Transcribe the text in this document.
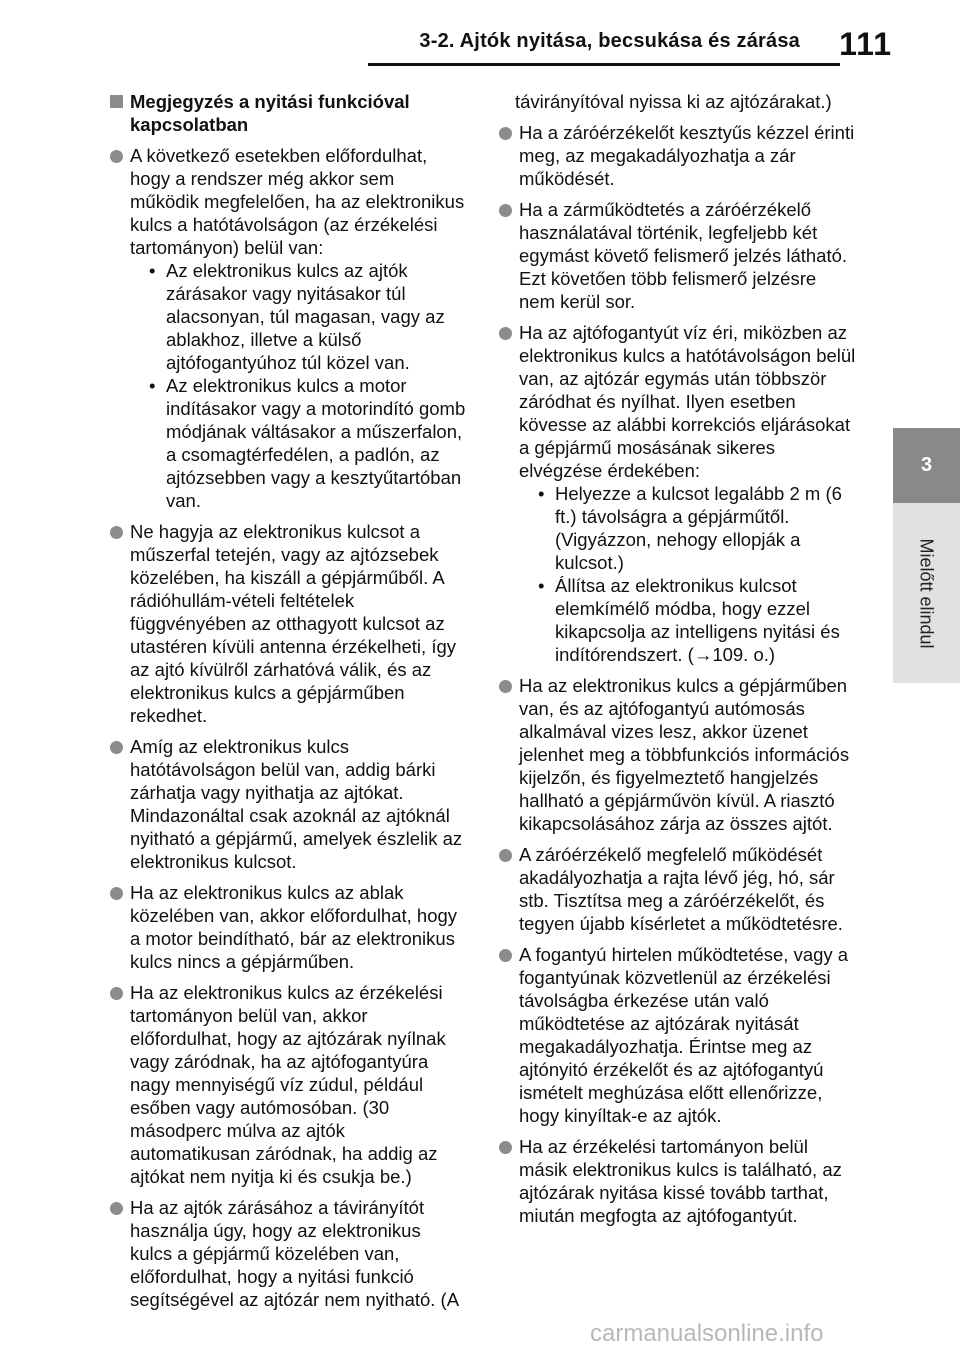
3-2. Ajtók nyitása, becsukása és zárása 111
3
Mielőtt elindul
Megjegyzés a nyitási funkcióval kapcsolatban
A következő esetekben előfordulhat, hogy a rendszer még akkor sem működik megfelelően, ha az elektronikus kulcs a hatótávolságon (az érzékelési tartományon) belül van:
• Az elektronikus kulcs az ajtók zárásakor vagy nyitásakor túl alacsonyan, túl magasan, vagy az ablakhoz, illetve a külső ajtófogantyúhoz túl közel van.
• Az elektronikus kulcs a motor indításakor vagy a motorindító gomb módjának váltásakor a műszerfalon, a csomagtérfedélen, a padlón, az ajtózsebben vagy a kesztyűtartóban van.
Ne hagyja az elektronikus kulcsot a műszerfal tetején, vagy az ajtózsebek közelében, ha kiszáll a gépjárműből. A rádióhullám-vételi feltételek függvényében az otthagyott kulcsot az utastéren kívüli antenna érzékelheti, így az ajtó kívülről zárhatóvá válik, és az elektronikus kulcs a gépjárműben rekedhet.
Amíg az elektronikus kulcs hatótávolságon belül van, addig bárki zárhatja vagy nyithatja az ajtókat. Mindazonáltal csak azoknál az ajtóknál nyitható a gépjármű, amelyek észlelik az elektronikus kulcsot.
Ha az elektronikus kulcs az ablak közelében van, akkor előfordulhat, hogy a motor beindítható, bár az elektronikus kulcs nincs a gépjárműben.
Ha az elektronikus kulcs az érzékelési tartományon belül van, akkor előfordulhat, hogy az ajtózárak nyílnak vagy záródnak, ha az ajtófogantyúra nagy mennyiségű víz zúdul, például esőben vagy autómosóban. (30 másodperc múlva az ajtók automatikusan záródnak, ha addig az ajtókat nem nyitja ki és csukja be.)
Ha az ajtók zárásához a távirányítót használja úgy, hogy az elektronikus kulcs a gépjármű közelében van, előfordulhat, hogy a nyitási funkció segítségével az ajtózár nem nyitható. (A
távirányítóval nyissa ki az ajtózárakat.)
Ha a záróérzékelőt kesztyűs kézzel érinti meg, az megakadályozhatja a zár működését.
Ha a zárműködtetés a záróérzékelő használatával történik, legfeljebb két egymást követő felismerő jelzés látható. Ezt követően több felismerő jelzésre nem kerül sor.
Ha az ajtófogantyút víz éri, miközben az elektronikus kulcs a hatótávolságon belül van, az ajtózár egymás után többször záródhat és nyílhat. Ilyen esetben kövesse az alábbi korrekciós eljárásokat a gépjármű mosásának sikeres elvégzése érdekében:
• Helyezze a kulcsot legalább 2 m (6 ft.) távolságra a gépjárműtől. (Vigyázzon, nehogy ellopják a kulcsot.)
• Állítsa az elektronikus kulcsot elemkímélő módba, hogy ezzel kikapcsolja az intelligens nyitási és indítórendszert. (→109. o.)
Ha az elektronikus kulcs a gépjárműben van, és az ajtófogantyú autómosás alkalmával vizes lesz, akkor üzenet jelenhet meg a többfunkciós információs kijelzőn, és figyelmeztető hangjelzés hallható a gépjárművön kívül. A riasztó kikapcsolásához zárja az összes ajtót.
A záróérzékelő megfelelő működését akadályozhatja a rajta lévő jég, hó, sár stb. Tisztítsa meg a záróérzékelőt, és tegyen újabb kísérletet a működtetésre.
A fogantyú hirtelen működtetése, vagy a fogantyúnak közvetlenül az érzékelési távolságba érkezése után való működtetése az ajtózárak nyitását megakadályozhatja. Érintse meg az ajtónyitó érzékelőt és az ajtófogantyú ismételt meghúzása előtt ellenőrizze, hogy kinyíltak-e az ajtók.
Ha az érzékelési tartományon belül másik elektronikus kulcs is található, az ajtózárak nyitása kissé tovább tarthat, miután megfogta az ajtófogantyút.
carmanualsonline.info
